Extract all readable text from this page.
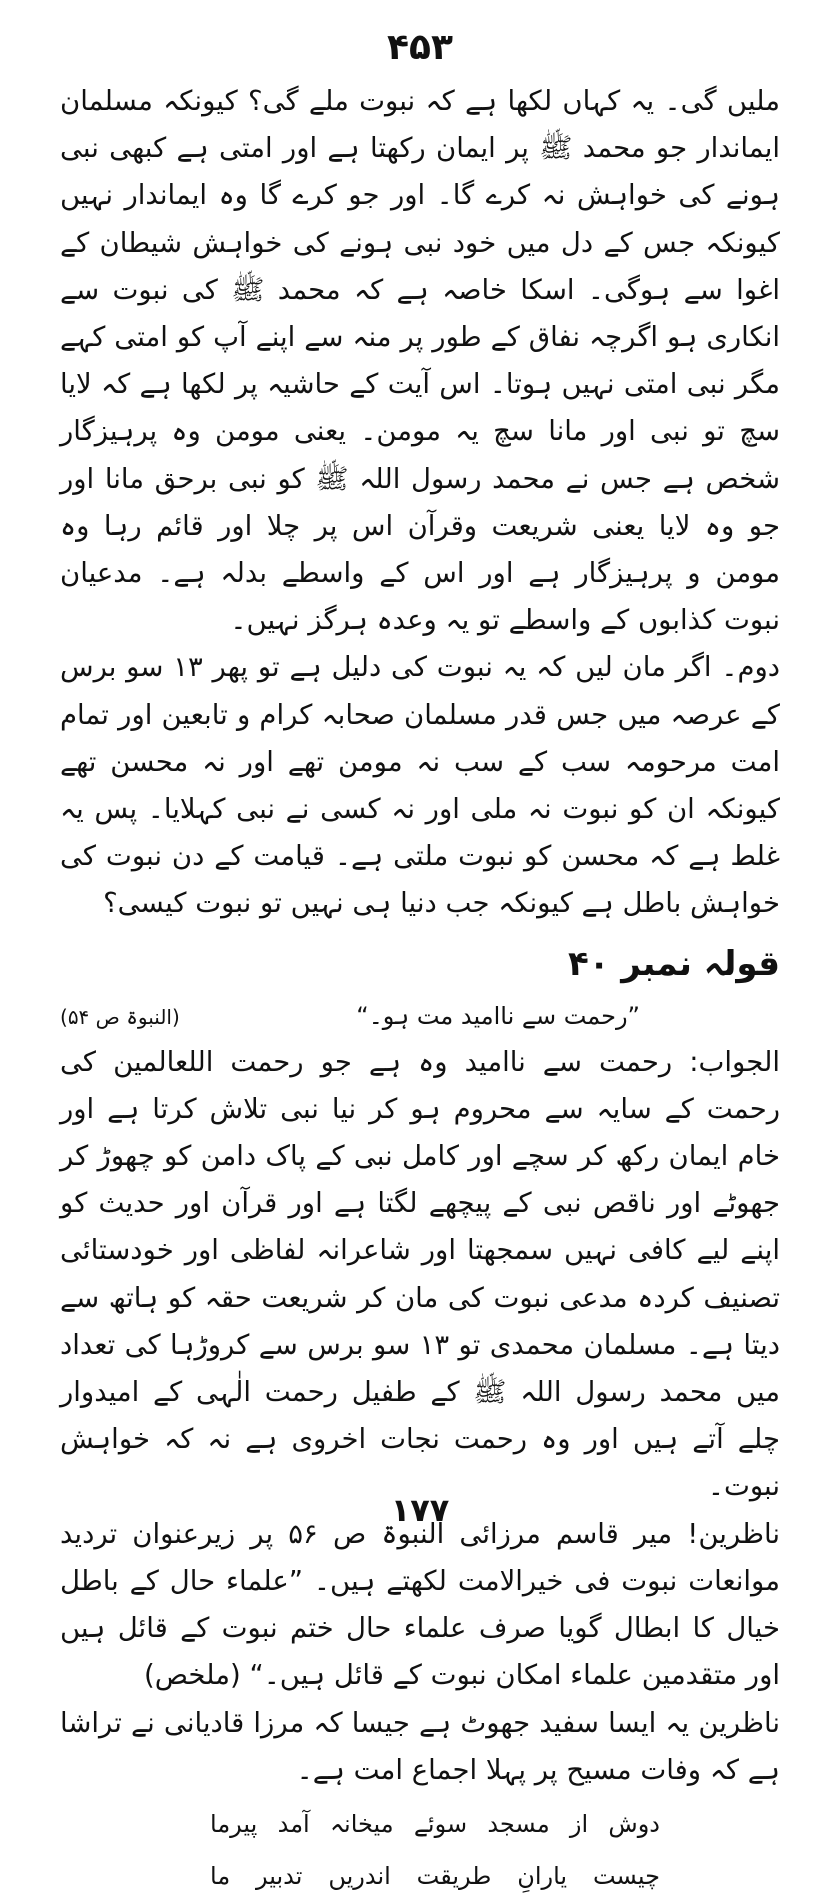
۴۵۳

ملیں گی۔ یہ کہاں لکھا ہے کہ نبوت ملے گی؟ کیونکہ مسلمان ایماندار جو محمد ﷺ پر ایمان رکھتا ہے اور امتی ہے کبھی نبی ہونے کی خواہش نہ کرے گا۔ اور جو کرے گا وہ ایماندار نہیں کیونکہ جس کے دل میں خود نبی ہونے کی خواہش شیطان کے اغوا سے ہوگی۔ اسکا خاصہ ہے کہ محمد ﷺ کی نبوت سے انکاری ہو اگرچہ نفاق کے طور پر منہ سے اپنے آپ کو امتی کہے مگر نبی امتی نہیں ہوتا۔ اس آیت کے حاشیہ پر لکھا ہے کہ لایا سچ تو نبی اور مانا سچ یہ مومن۔ یعنی مومن وہ پرہیزگار شخص ہے جس نے محمد رسول اللہ ﷺ کو نبی برحق مانا اور جو وہ لایا یعنی شریعت وقرآن اس پر چلا اور قائم رہا وہ مومن و پرہیزگار ہے اور اس کے واسطے بدلہ ہے۔ مدعیان نبوت کذابوں کے واسطے تو یہ وعدہ ہرگز نہیں۔

دوم۔ اگر مان لیں کہ یہ نبوت کی دلیل ہے تو پھر ۱۳ سو برس کے عرصہ میں جس قدر مسلمان صحابہ کرام و تابعین اور تمام امت مرحومہ سب کے سب نہ مومن تھے اور نہ محسن تھے کیونکہ ان کو نبوت نہ ملی اور نہ کسی نے نبی کہلایا۔ پس یہ غلط ہے کہ محسن کو نبوت ملتی ہے۔ قیامت کے دن نبوت کی خواہش باطل ہے کیونکہ جب دنیا ہی نہیں تو نبوت کیسی؟

قولہ نمبر ۴۰
”رحمت سے ناامید مت ہو۔“
(النبوۃ ص ۵۴)

الجواب: رحمت سے ناامید وہ ہے جو رحمت اللعالمین کی رحمت کے سایہ سے محروم ہو کر نیا نبی تلاش کرتا ہے اور خام ایمان رکھ کر سچے اور کامل نبی کے پاک دامن کو چھوڑ کر جھوٹے اور ناقص نبی کے پیچھے لگتا ہے اور قرآن اور حدیث کو اپنے لیے کافی نہیں سمجھتا اور شاعرانہ لفاظی اور خودستائی تصنیف کردہ مدعی نبوت کی مان کر شریعت حقہ کو ہاتھ سے دیتا ہے۔ مسلمان محمدی تو ۱۳ سو برس سے کروڑہا کی تعداد میں محمد رسول اللہ ﷺ کے طفیل رحمت الٰہی کے امیدوار چلے آتے ہیں اور وہ رحمت نجات اخروی ہے نہ کہ خواہش نبوت۔

ناظرین! میر قاسم مرزائی النبوۃ ص ۵۶ پر زیرعنوان تردید موانعات نبوت فی خیرالامت لکھتے ہیں۔ ”علماء حال کے باطل خیال کا ابطال گویا صرف علماء حال ختم نبوت کے قائل ہیں اور متقدمین علماء امکان نبوت کے قائل ہیں۔“ (ملخص)

ناظرین یہ ایسا سفید جھوٹ ہے جیسا کہ مرزا قادیانی نے تراشا ہے کہ وفات مسیح پر پہلا اجماع امت ہے۔

دوش
از
مسجد
سوئے
میخانہ
آمد
پیرما
چیست
یارانِ
طریقت
اندریں
تدبیر
ما
۱۷۷
